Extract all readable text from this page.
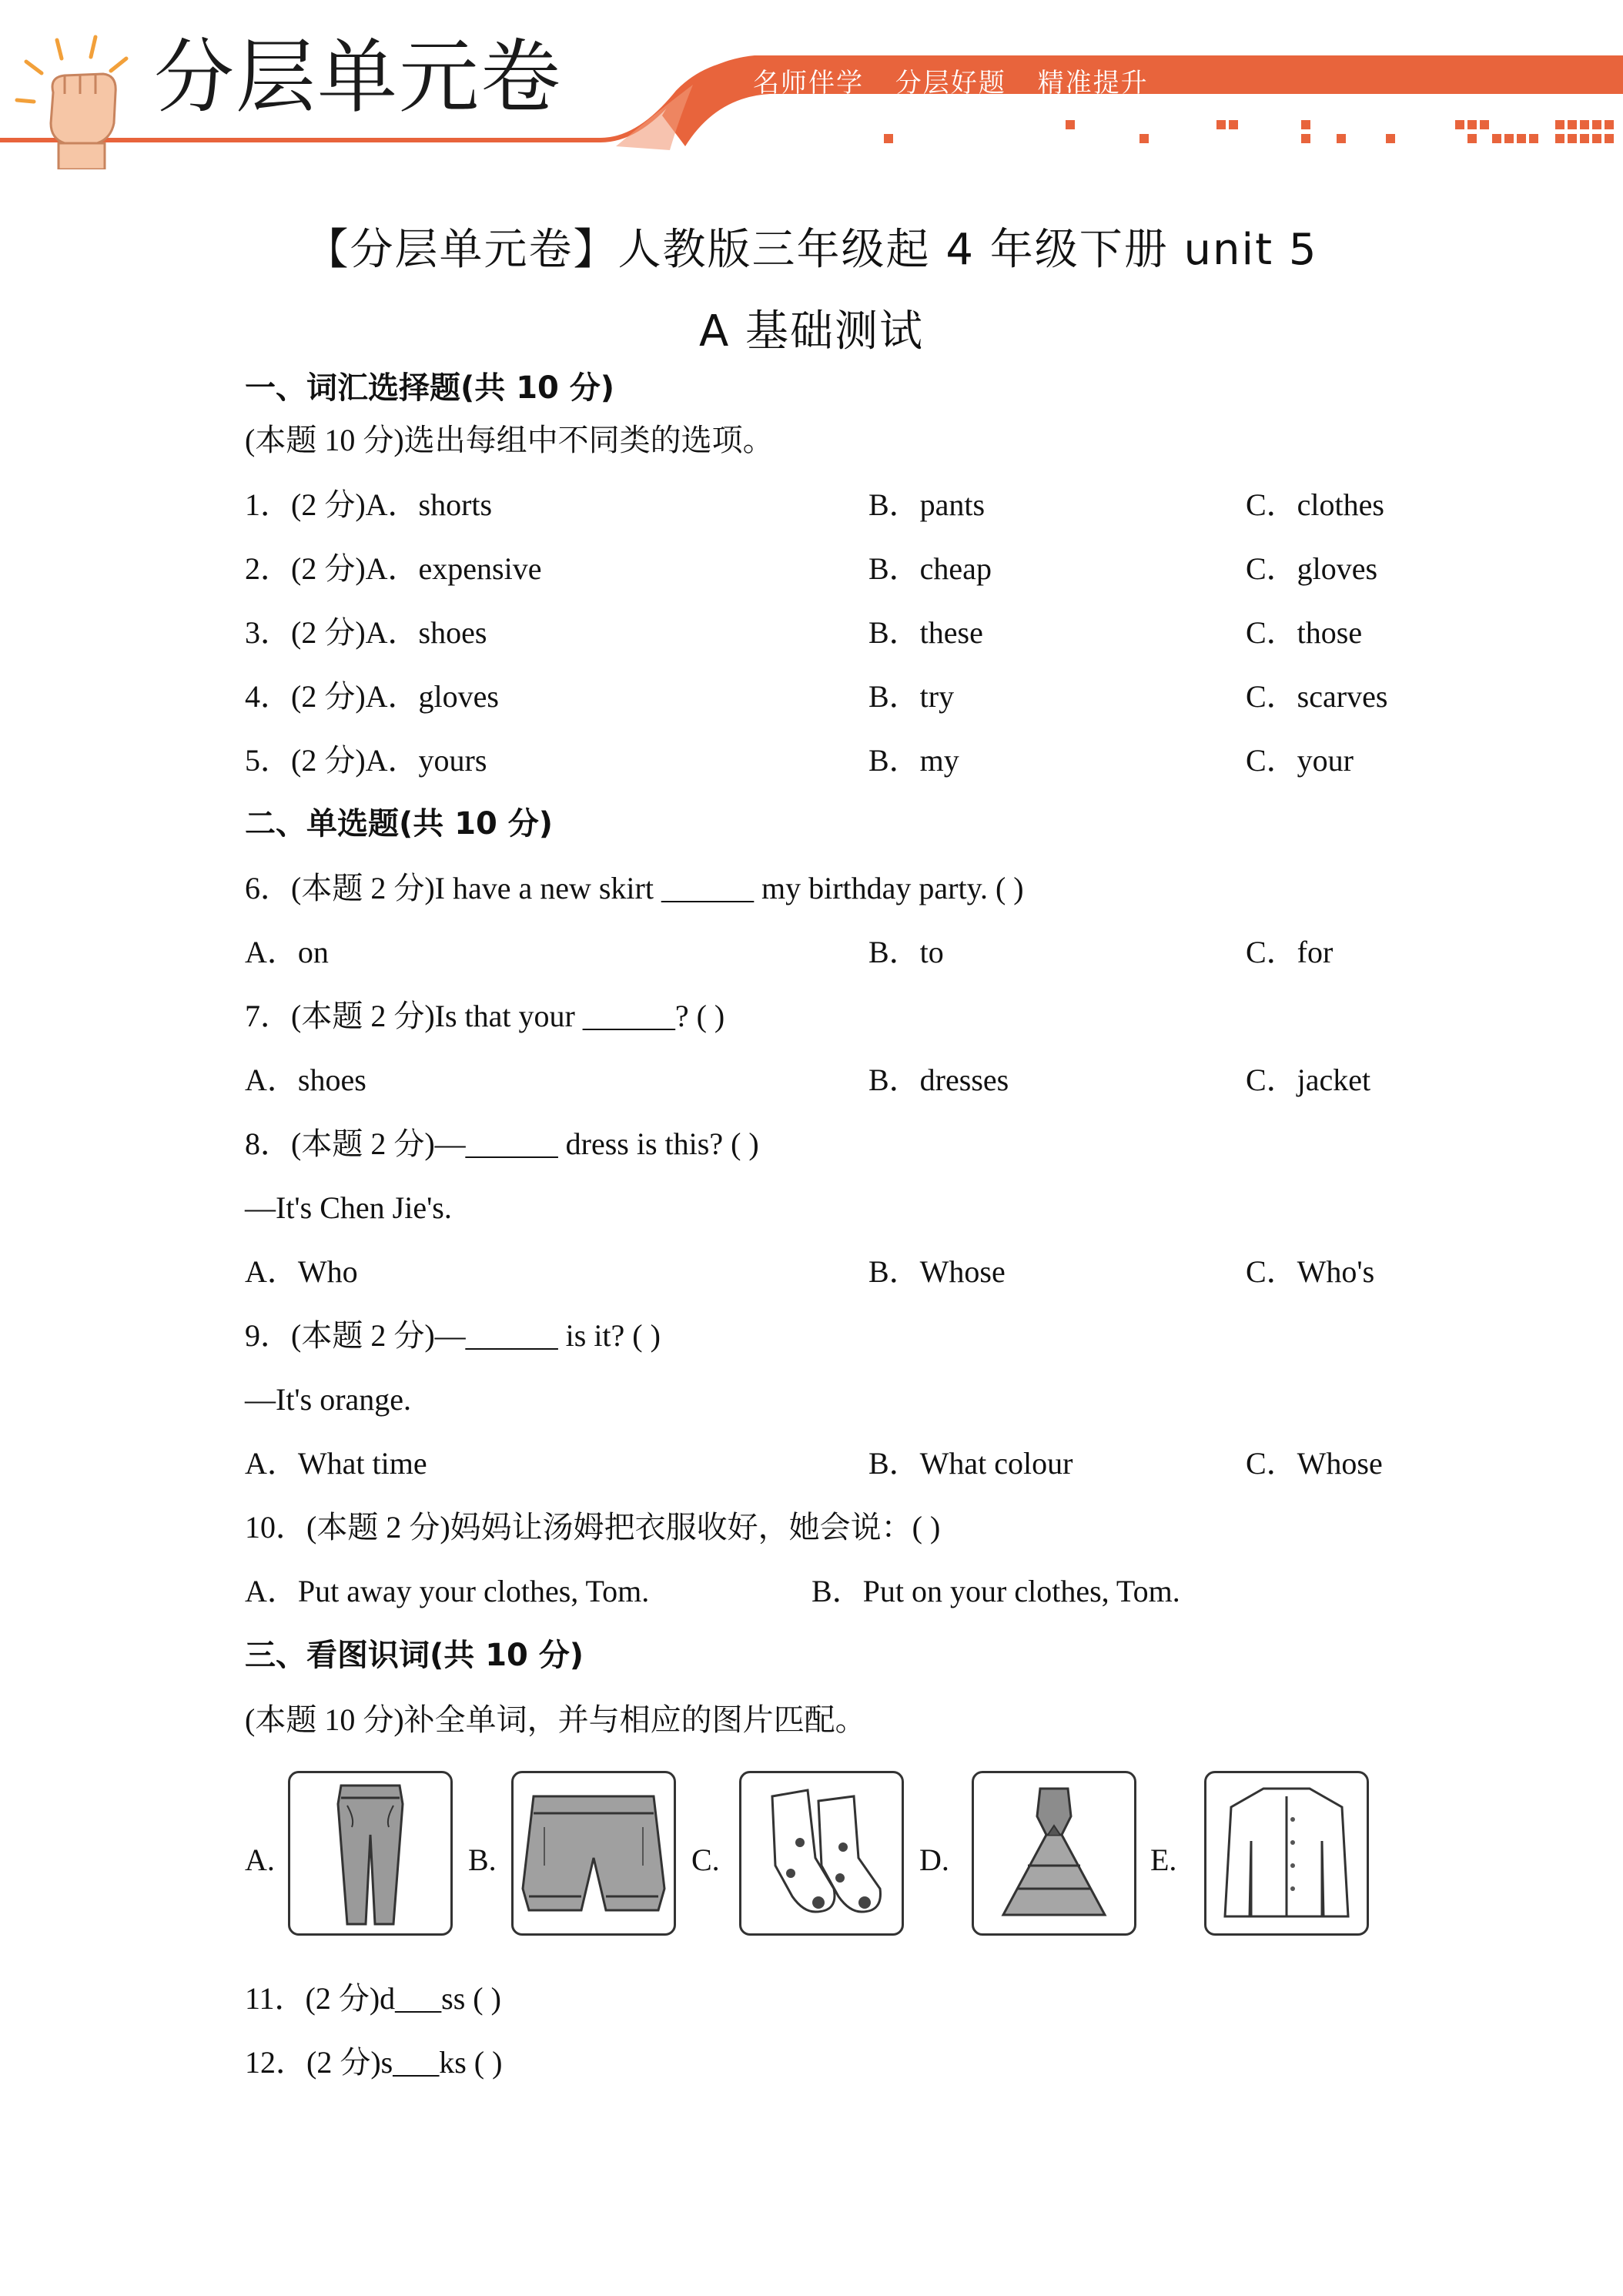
分层单元卷	名师伴学 分层好题 精准提升
【分层单元卷】人教版三年级起 4 年级下册 unit 5
A 基础测试
一、词汇选择题(共 10 分)
(本题 10 分)选出每组中不同类的选项。
1．(2 分)A．shorts	B．pants	C．clothes
2．(2 分)A．expensive	B．cheap	C．gloves
3．(2 分)A．shoes	B．these	C．those
4．(2 分)A．gloves	B．try	C．scarves
5．(2 分)A．yours	B．my	C．your
二、单选题(共 10 分)
6．(本题 2 分)I have a new skirt ______ my birthday party. ( )
A．on	B．to	C．for
7．(本题 2 分)Is that your ______? ( )
A．shoes	B．dresses	C．jacket
8．(本题 2 分)—______ dress is this? ( )
—It's Chen Jie's.
A．Who	B．Whose	C．Who's
9．(本题 2 分)—______ is it? ( )
—It's orange.
A．What time	B．What colour	C．Whose
10．(本题 2 分)妈妈让汤姆把衣服收好，她会说：( )
A．Put away your clothes, Tom.	B．Put on your clothes, Tom.
三、看图识词(共 10 分)
(本题 10 分)补全单词，并与相应的图片匹配。
A.	B.	C.	D.	E.
11．(2 分)d___ss ( )
12．(2 分)s___ks ( )
